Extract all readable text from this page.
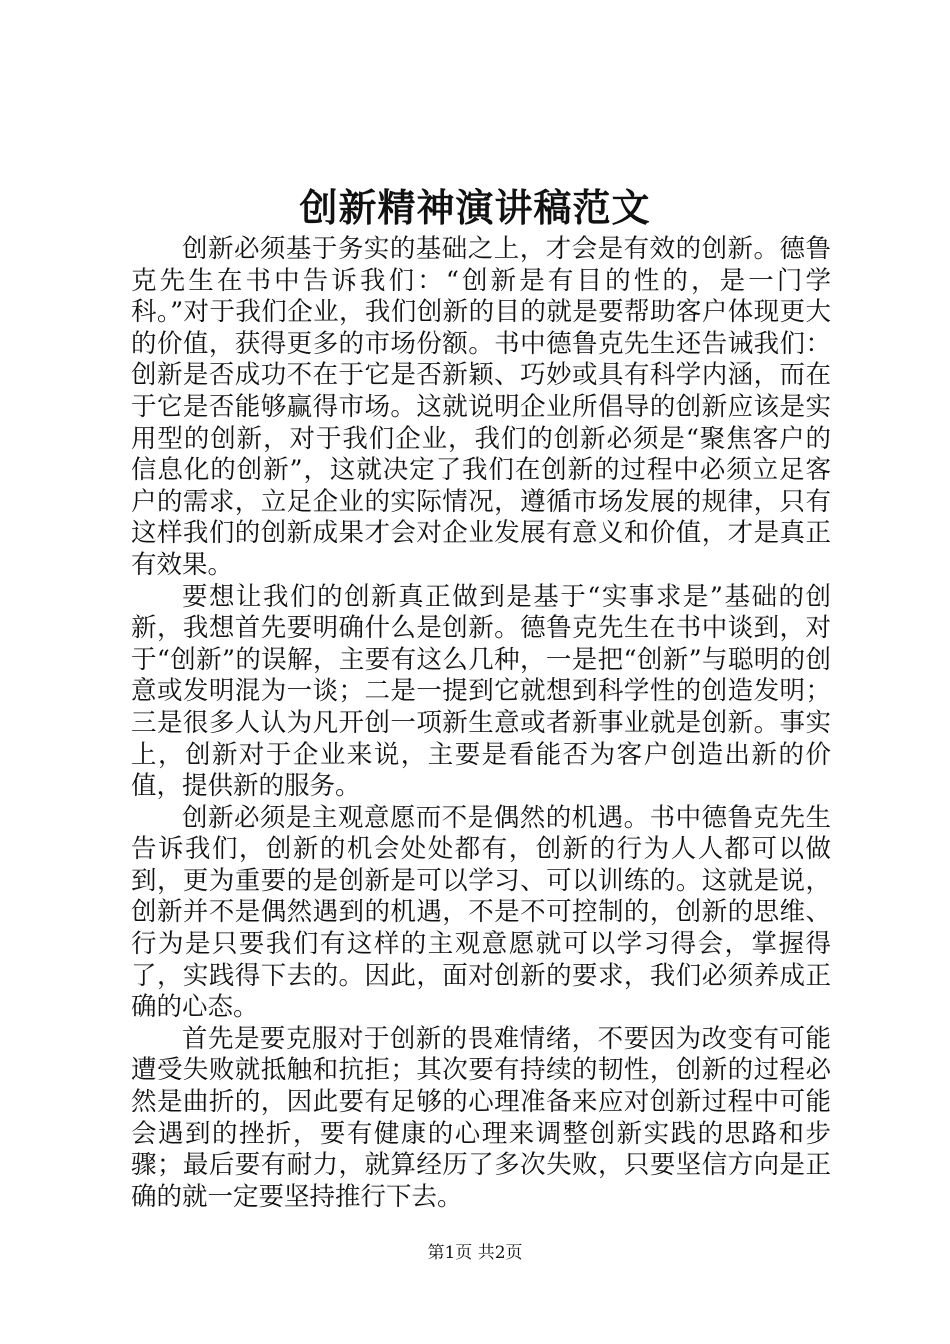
创新精神演讲稿范文

创新必须基于务实的基础之上，才会是有效的创新。德鲁克先生在书中告诉我们：“创新是有目的性的，是一门学科。”对于我们企业，我们创新的目的就是要帮助客户体现更大的价值，获得更多的市场份额。书中德鲁克先生还告诫我们：创新是否成功不在于它是否新颖、巧妙或具有科学内涵，而在于它是否能够赢得市场。这就说明企业所倡导的创新应该是实用型的创新，对于我们企业，我们的创新必须是“聚焦客户的信息化的创新”，这就决定了我们在创新的过程中必须立足客户的需求，立足企业的实际情况，遵循市场发展的规律，只有这样我们的创新成果才会对企业发展有意义和价值，才是真正有效果。

要想让我们的创新真正做到是基于“实事求是”基础的创新，我想首先要明确什么是创新。德鲁克先生在书中谈到，对于“创新”的误解，主要有这么几种，一是把“创新”与聪明的创意或发明混为一谈；二是一提到它就想到科学性的创造发明；三是很多人认为凡开创一项新生意或者新事业就是创新。事实上，创新对于企业来说，主要是看能否为客户创造出新的价值，提供新的服务。

创新必须是主观意愿而不是偶然的机遇。书中德鲁克先生告诉我们，创新的机会处处都有，创新的行为人人都可以做到，更为重要的是创新是可以学习、可以训练的。这就是说，创新并不是偶然遇到的机遇，不是不可控制的，创新的思维、行为是只要我们有这样的主观意愿就可以学习得会，掌握得了，实践得下去的。因此，面对创新的要求，我们必须养成正确的心态。

首先是要克服对于创新的畏难情绪，不要因为改变有可能遭受失败就抵触和抗拒；其次要有持续的韧性，创新的过程必然是曲折的，因此要有足够的心理准备来应对创新过程中可能会遇到的挫折，要有健康的心理来调整创新实践的思路和步骤；最后要有耐力，就算经历了多次失败，只要坚信方向是正确的就一定要坚持推行下去。

第1页 共2页
